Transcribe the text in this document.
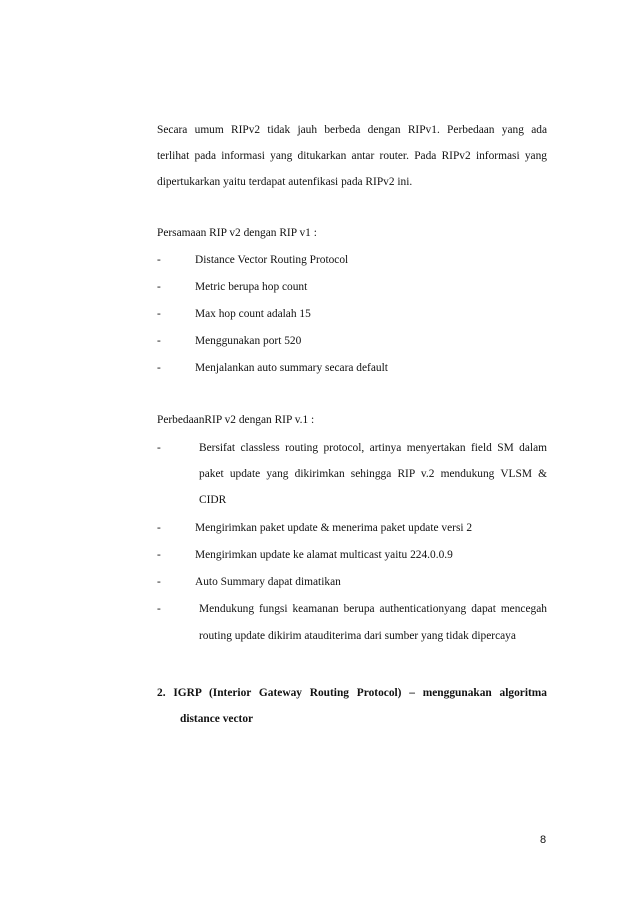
Secara umum RIPv2 tidak jauh berbeda dengan RIPv1. Perbedaan yang ada
terlihat pada informasi yang ditukarkan antar router. Pada RIPv2 informasi yang
dipertukarkan yaitu terdapat autenfikasi pada RIPv2 ini.
Persamaan RIP v2 dengan RIP v1 :
-	Distance Vector Routing Protocol
-	Metric berupa hop count
-	Max hop count adalah 15
-	Menggunakan port 520
-	Menjalankan auto summary secara default
PerbedaanRIP v2 dengan RIP v.1 :
-	Bersifat classless routing protocol, artinya menyertakan field SM dalam
paket update yang dikirimkan sehingga RIP v.2 mendukung VLSM &
CIDR
-	Mengirimkan paket update & menerima paket update versi 2
-	Mengirimkan update ke alamat multicast yaitu 224.0.0.9
-	Auto Summary dapat dimatikan
-	Mendukung fungsi keamanan berupa authenticationyang dapat mencegah
routing update dikirim atauditerima dari sumber yang tidak dipercaya
2. IGRP (Interior Gateway Routing Protocol) – menggunakan algoritma
distance vector
8
